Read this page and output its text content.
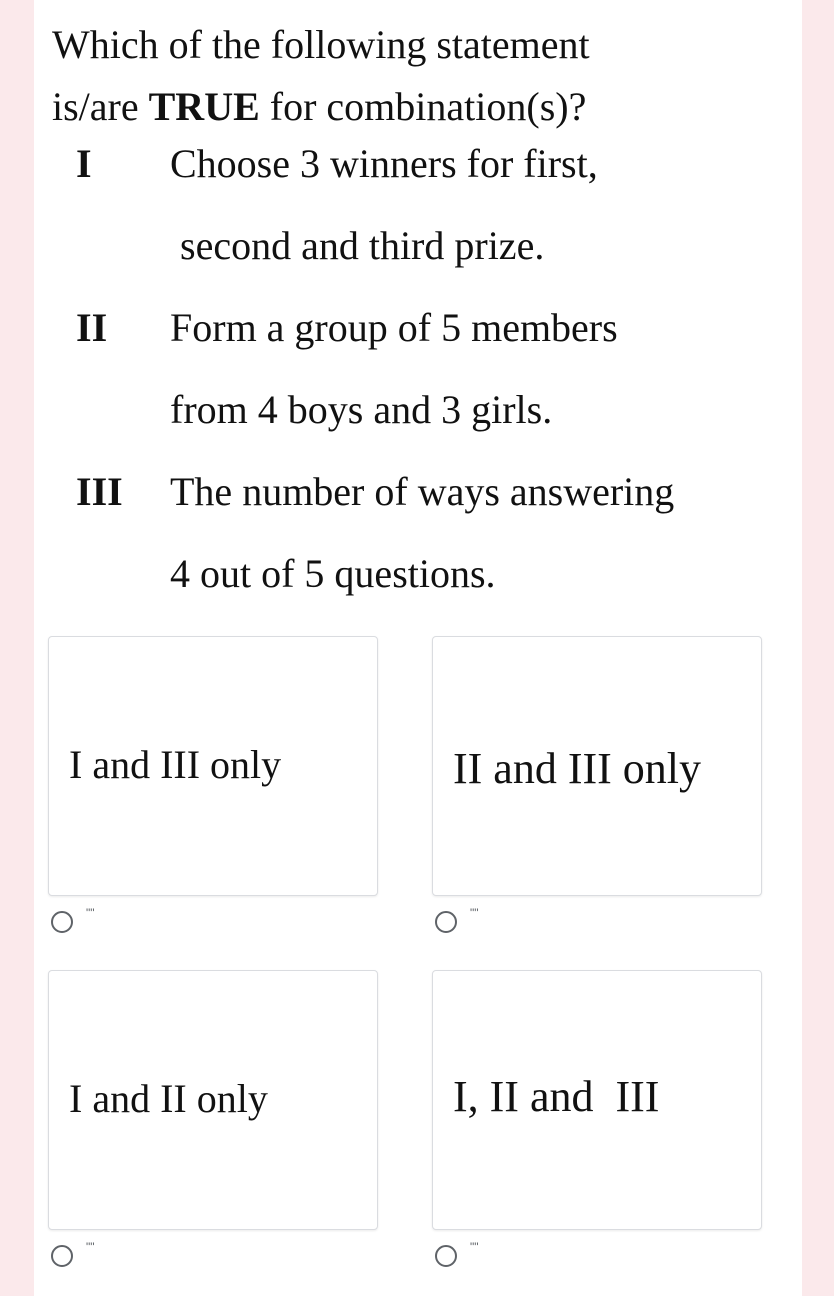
Which of the following statement
is/are TRUE for combination(s)?
I Choose 3 winners for first,
second and third prize.
II Form a group of 5 members
from 4 boys and 3 girls.
III The number of ways answering
4 out of 5 questions.
I and III only
""
II and III only
""
I and II only
""
I, II and  III
""
